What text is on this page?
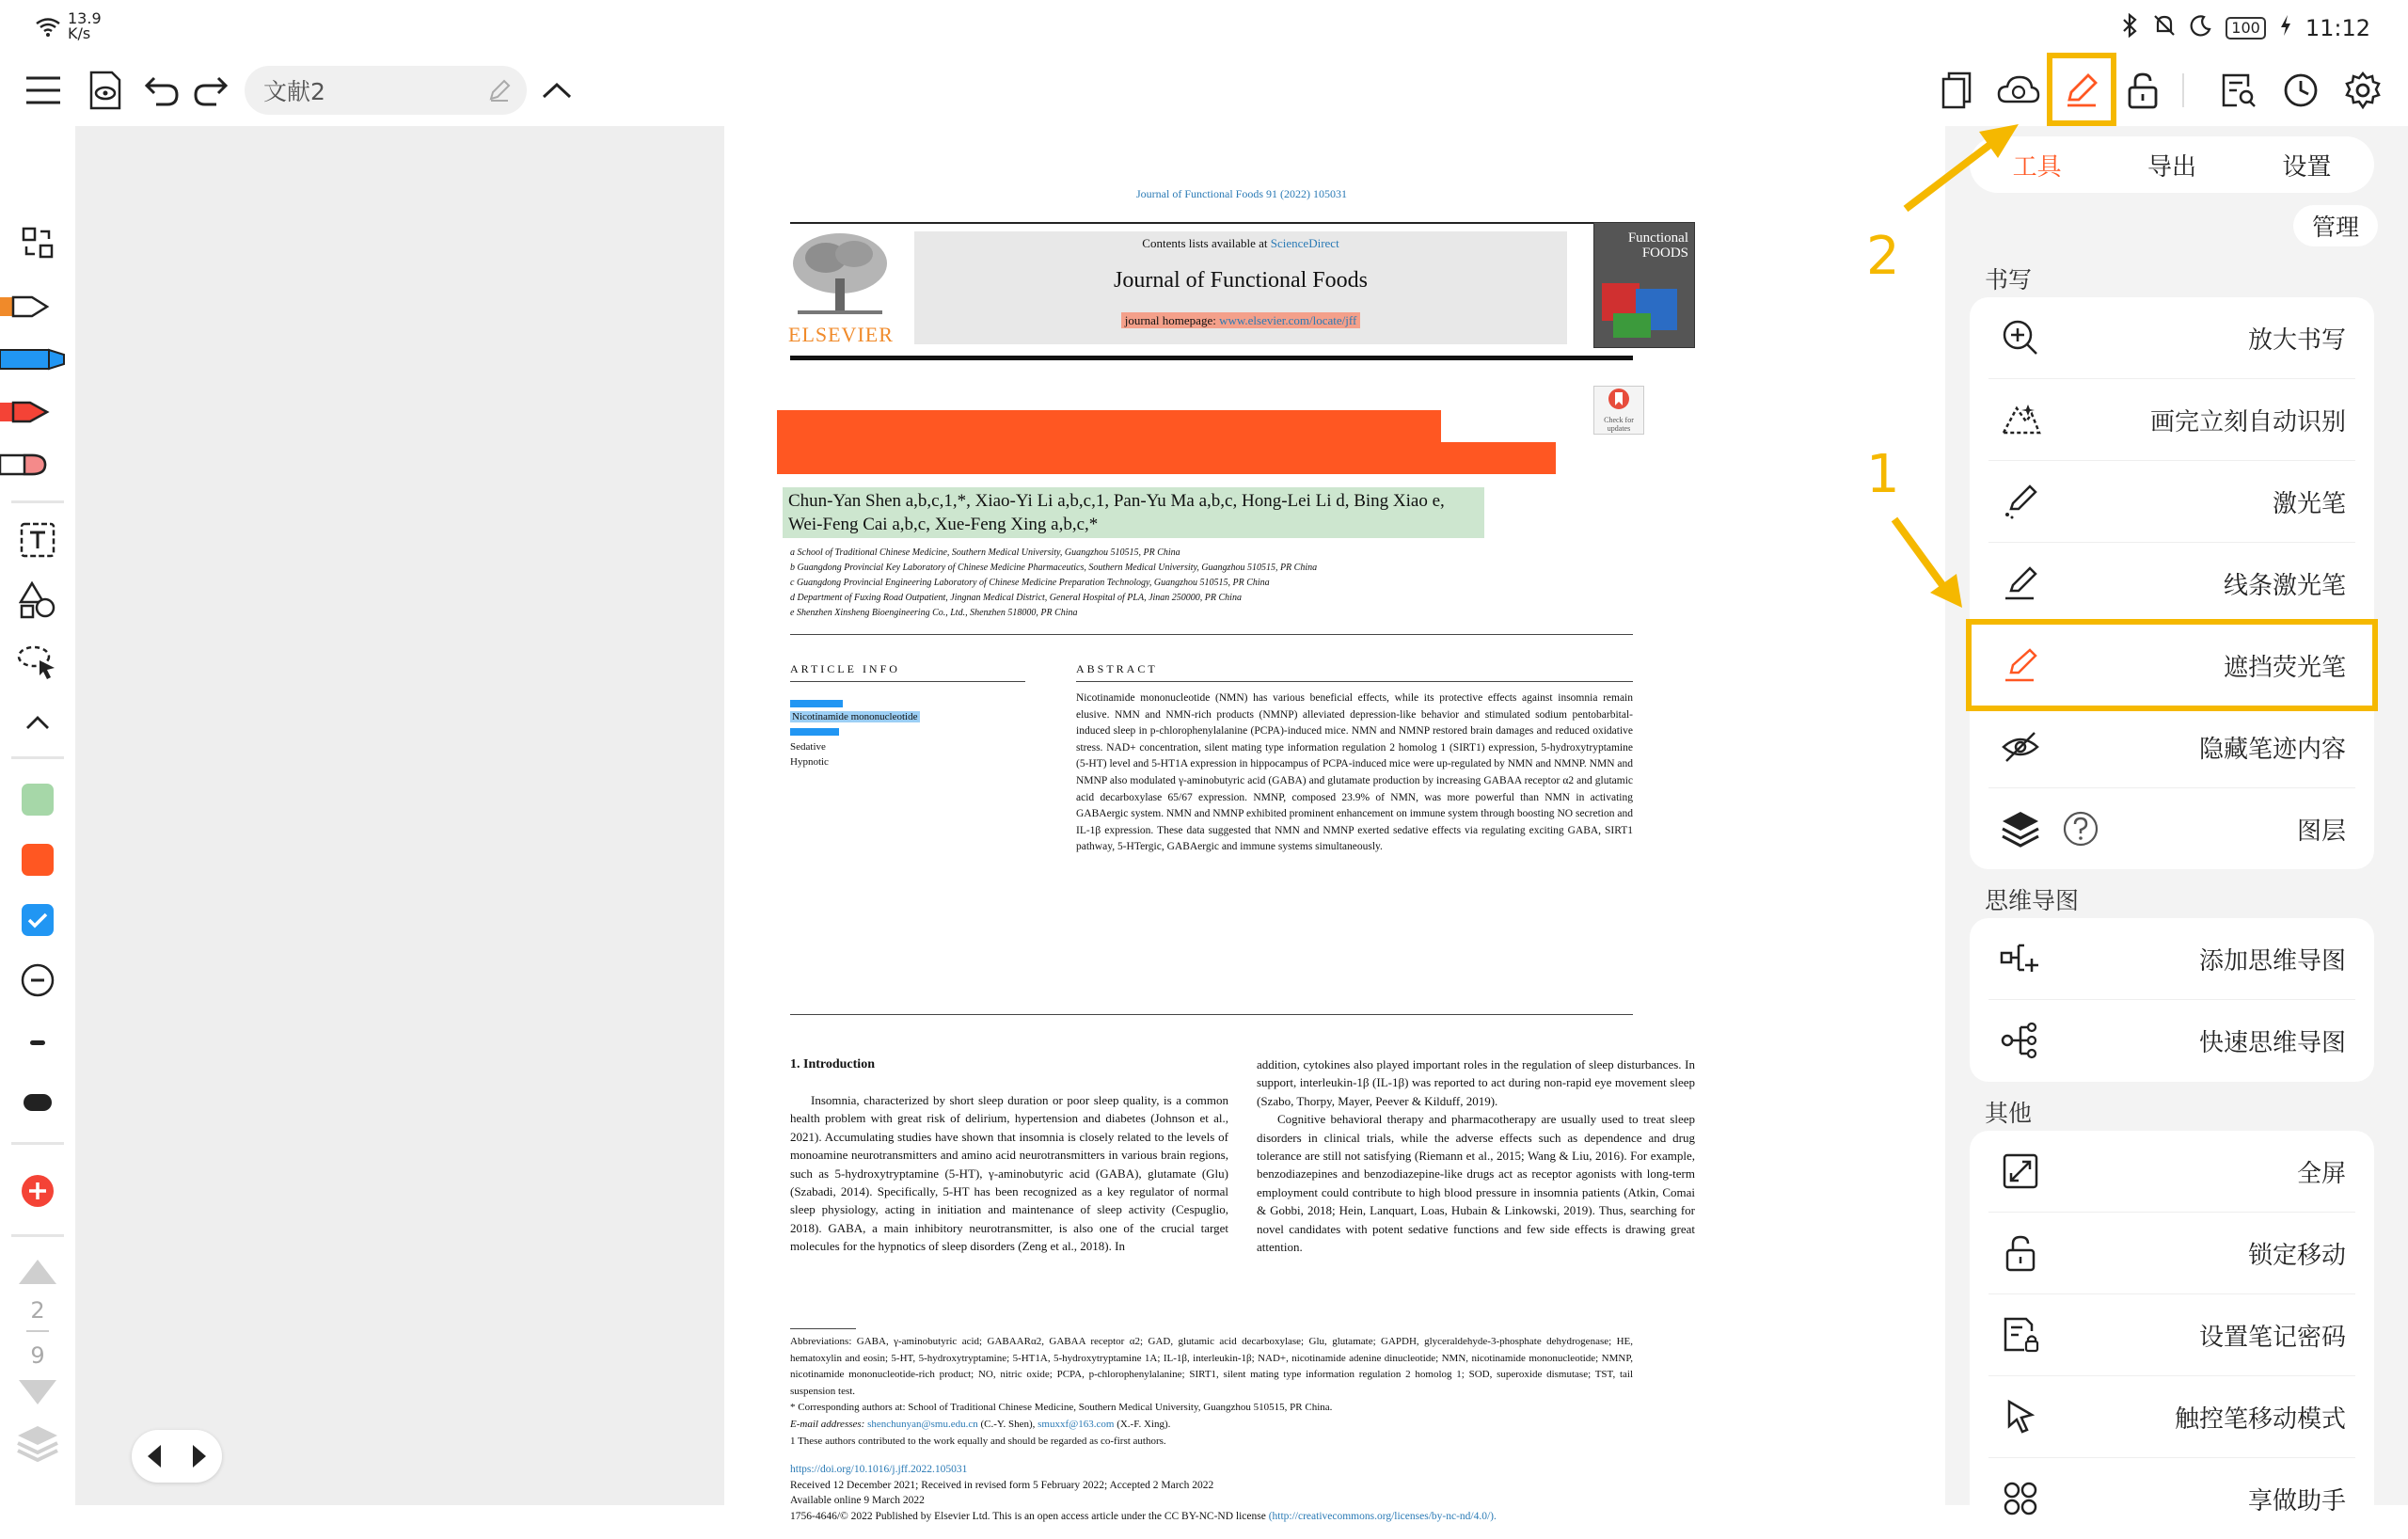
13.9
K/s	100 11:12
文献2
2
9
Journal of Functional Foods 91 (2022) 105031
ELSEVIER
Contents lists available at ScienceDirect
Journal of Functional Foods
journal homepage: www.elsevier.com/locate/jff
Functional FOODS
Check for updates
Chun-Yan Shen a,b,c,1,*, Xiao-Yi Li a,b,c,1, Pan-Yu Ma a,b,c, Hong-Lei Li d, Bing Xiao e,
Wei-Feng Cai a,b,c, Xue-Feng Xing a,b,c,*
a School of Traditional Chinese Medicine, Southern Medical University, Guangzhou 510515, PR China
b Guangdong Provincial Key Laboratory of Chinese Medicine Pharmaceutics, Southern Medical University, Guangzhou 510515, PR China
c Guangdong Provincial Engineering Laboratory of Chinese Medicine Preparation Technology, Guangzhou 510515, PR China
d Department of Fuxing Road Outpatient, Jingnan Medical District, General Hospital of PLA, Jinan 250000, PR China
e Shenzhen Xinsheng Bioengineering Co., Ltd., Shenzhen 518000, PR China
ARTICLE INFO
Nicotinamide mononucleotide
Sedative
Hypnotic
ABSTRACT
Nicotinamide mononucleotide (NMN) has various beneficial effects, while its protective effects against insomnia remain elusive. NMN and NMN-rich products (NMNP) alleviated depression-like behavior and stimulated sodium pentobarbital-induced sleep in p-chlorophenylalanine (PCPA)-induced mice. NMN and NMNP restored brain damages and reduced oxidative stress. NAD+ concentration, silent mating type information regulation 2 homolog 1 (SIRT1) expression, 5-hydroxytryptamine (5-HT) level and 5-HT1A expression in hippocampus of PCPA-induced mice were up-regulated by NMN and NMNP. NMN and NMNP also modulated γ-aminobutyric acid (GABA) and glutamate production by increasing GABAA receptor α2 and glutamic acid decarboxylase 65/67 expression. NMNP, composed 23.9% of NMN, was more powerful than NMN in activating GABAergic system. NMN and NMNP exhibited prominent enhancement on immune system through boosting NO secretion and IL-1β expression. These data suggested that NMN and NMNP exerted sedative effects via regulating exciting GABA, SIRT1 pathway, 5-HTergic, GABAergic and immune systems simultaneously.
1. Introduction
Insomnia, characterized by short sleep duration or poor sleep quality, is a common health problem with great risk of delirium, hypertension and diabetes (Johnson et al., 2021). Accumulating studies have shown that insomnia is closely related to the levels of monoamine neurotransmitters and amino acid neurotransmitters in various brain regions, such as 5-hydroxytryptamine (5-HT), γ-aminobutyric acid (GABA), glutamate (Glu) (Szabadi, 2014). Specifically, 5-HT has been recognized as a key regulator of normal sleep physiology, acting in initiation and maintenance of sleep activity (Cespuglio, 2018). GABA, a main inhibitory neurotransmitter, is also one of the crucial target molecules for the hypnotics of sleep disorders (Zeng et al., 2018). In
addition, cytokines also played important roles in the regulation of sleep disturbances. In support, interleukin-1β (IL-1β) was reported to act during non-rapid eye movement sleep (Szabo, Thorpy, Mayer, Peever & Kilduff, 2019).
Cognitive behavioral therapy and pharmacotherapy are usually used to treat sleep disorders in clinical trials, while the adverse effects such as dependence and drug tolerance are still not satisfying (Riemann et al., 2015; Wang & Liu, 2016). For example, benzodiazepines and benzodiazepine-like drugs act as receptor agonists with long-term employment could contribute to high blood pressure in insomnia patients (Atkin, Comai & Gobbi, 2018; Hein, Lanquart, Loas, Hubain & Linkowski, 2019). Thus, searching for novel candidates with potent sedative functions and few side effects is drawing great attention.
Abbreviations: GABA, γ-aminobutyric acid; GABAARα2, GABAA receptor α2; GAD, glutamic acid decarboxylase; Glu, glutamate; GAPDH, glyceraldehyde-3-phosphate dehydrogenase; HE, hematoxylin and eosin; 5-HT, 5-hydroxytryptamine; 5-HT1A, 5-hydroxytryptamine 1A; IL-1β, interleukin-1β; NAD+, nicotinamide adenine dinucleotide; NMN, nicotinamide mononucleotide; NMNP, nicotinamide mononucleotide-rich product; NO, nitric oxide; PCPA, p-chlorophenylalanine; SIRT1, silent mating type information regulation 2 homolog 1; SOD, superoxide dismutase; TST, tail suspension test.
* Corresponding authors at: School of Traditional Chinese Medicine, Southern Medical University, Guangzhou 510515, PR China.
E-mail addresses: shenchunyan@smu.edu.cn (C.-Y. Shen), smuxxf@163.com (X.-F. Xing).
1 These authors contributed to the work equally and should be regarded as co-first authors.
https://doi.org/10.1016/j.jff.2022.105031
Received 12 December 2021; Received in revised form 5 February 2022; Accepted 2 March 2022
Available online 9 March 2022
1756-4646/© 2022 Published by Elsevier Ltd. This is an open access article under the CC BY-NC-ND license (http://creativecommons.org/licenses/by-nc-nd/4.0/).
工具	导出	设置
管理
书写
放大书写
画完立刻自动识别
激光笔
线条激光笔
遮挡荧光笔
隐藏笔迹内容
图层
思维导图
添加思维导图
快速思维导图
其他
全屏
锁定移动
设置笔记密码
触控笔移动模式
享做助手
1
2
